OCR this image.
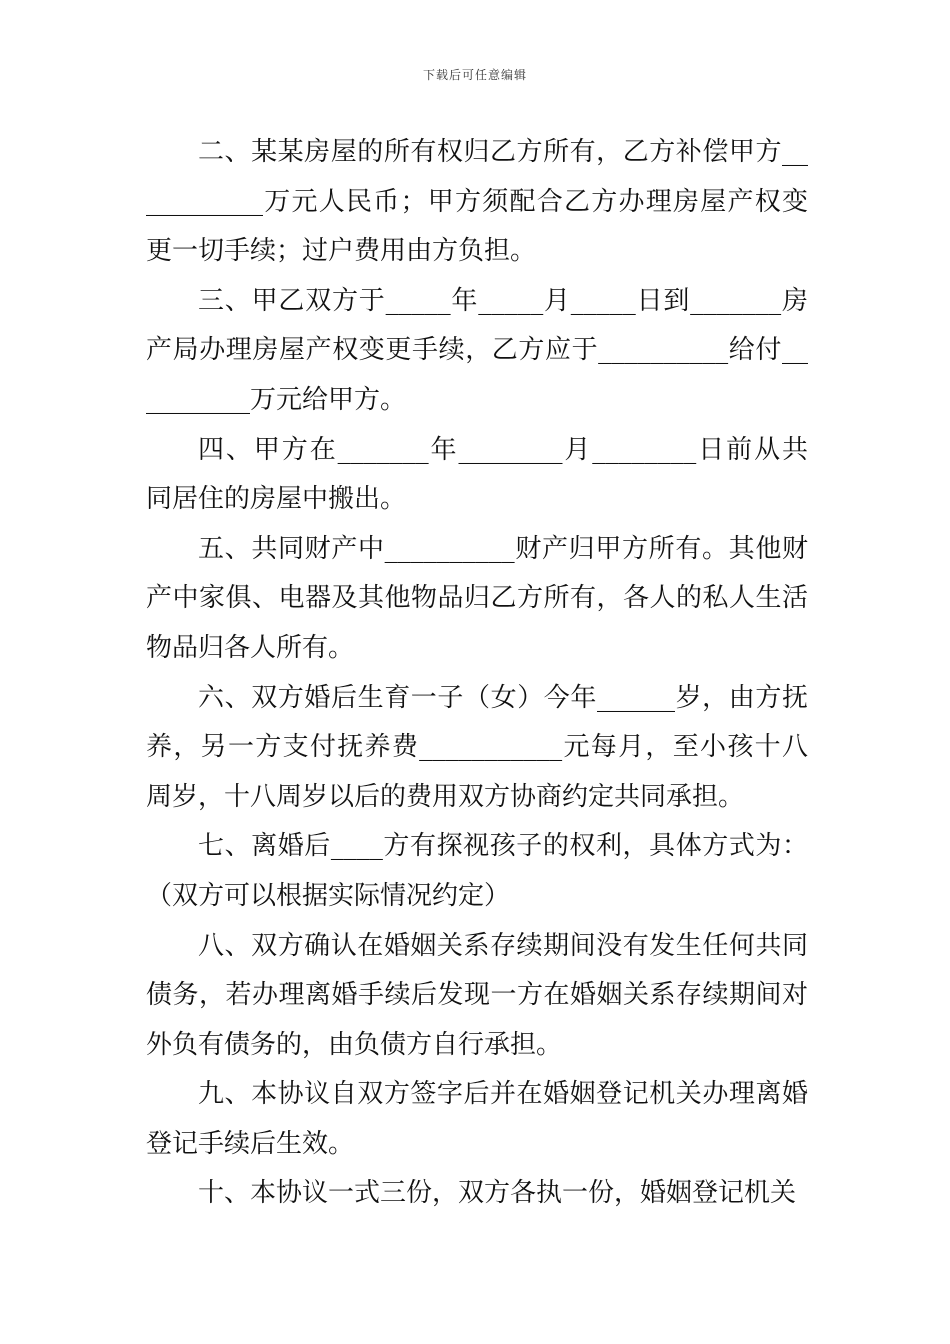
下载后可任意编辑

二、某某房屋的所有权归乙方所有，乙方补偿甲方___________万元人民币；甲方须配合乙方办理房屋产权变更一切手续；过户费用由方负担。

三、甲乙双方于_____年_____月_____日到_______房产局办理房屋产权变更手续，乙方应于__________给付__________万元给甲方。

四、甲方在_______年________月________日前从共同居住的房屋中搬出。

五、共同财产中__________财产归甲方所有。其他财产中家俱、电器及其他物品归乙方所有，各人的私人生活物品归各人所有。

六、双方婚后生育一子（女）今年______岁，由方抚养，另一方支付抚养费___________元每月，至小孩十八周岁，十八周岁以后的费用双方协商约定共同承担。

七、离婚后____方有探视孩子的权利，具体方式为：（双方可以根据实际情况约定）

八、双方确认在婚姻关系存续期间没有发生任何共同债务，若办理离婚手续后发现一方在婚姻关系存续期间对外负有债务的，由负债方自行承担。

九、本协议自双方签字后并在婚姻登记机关办理离婚登记手续后生效。

十、本协议一式三份，双方各执一份，婚姻登记机关
